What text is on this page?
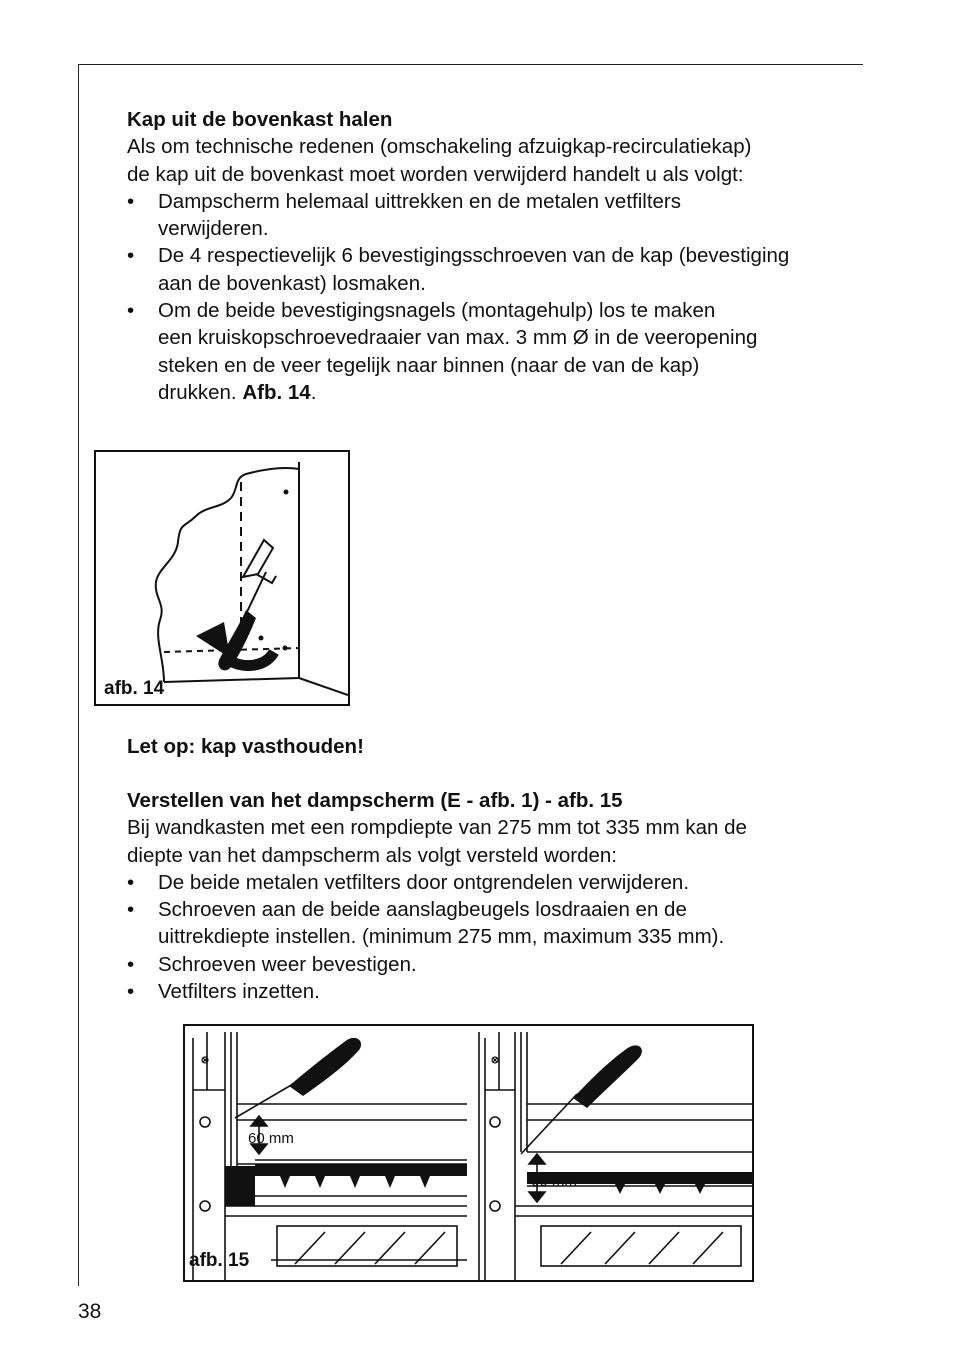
Kap uit de bovenkast halen

Als om technische redenen (omschakeling afzuigkap-recirculatiekap)

de kap uit de bovenkast moet worden verwijderd handelt u als volgt:

• Dampscherm helemaal uittrekken en de metalen vetfilters
verwijderen.
• De 4 respectievelijk 6 bevestigingsschroeven van de kap (bevestiging
aan de bovenkast) losmaken.
• Om de beide bevestigingsnagels (montagehulp) los te maken
een kruiskopschroevedraaier van max. 3 mm Ø in de veeropening
steken en de veer tegelijk naar binnen (naar de van de kap)
drukken. Afb. 14.
afb. 14
Let op: kap vasthouden!

Verstellen van het dampscherm (E - afb. 1) - afb. 15

Bij wandkasten met een rompdiepte van 275 mm tot 335 mm kan de

diepte van het dampscherm als volgt versteld worden:

• De beide metalen vetfilters door ontgrendelen verwijderen.
• Schroeven aan de beide aanslagbeugels losdraaien en de
uittrekdiepte instellen. (minimum 275 mm, maximum 335 mm).
• Schroeven weer bevestigen.
• Vetfilters inzetten.
60 mm
60 mm
afb. 15
38
